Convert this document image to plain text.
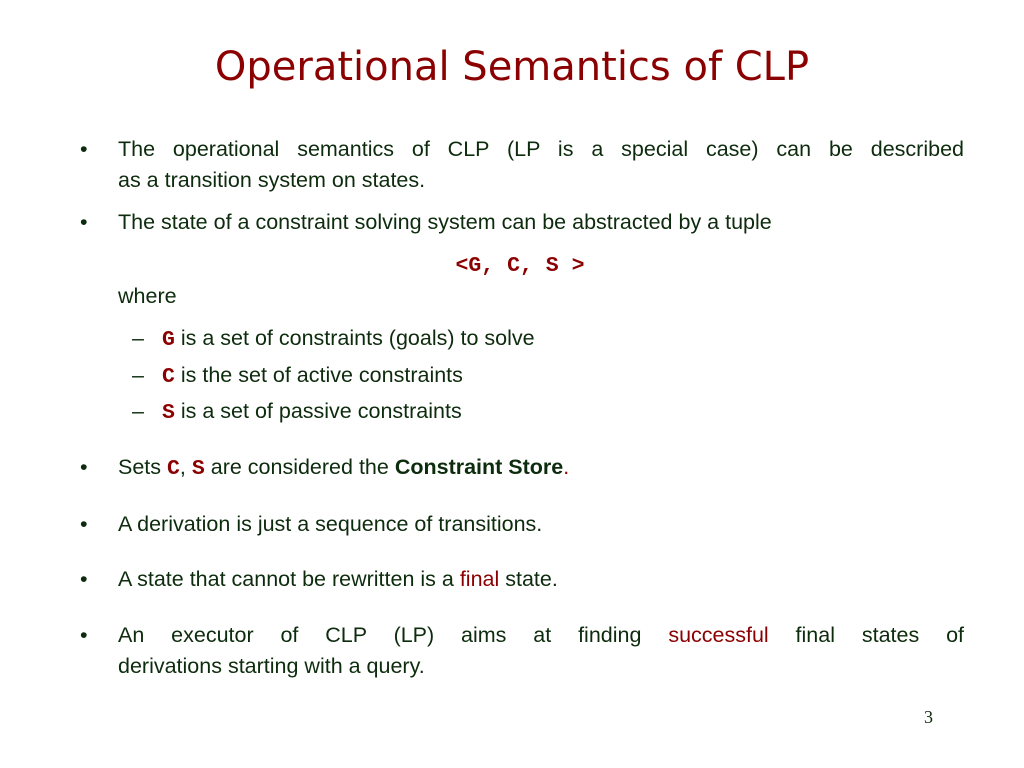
Operational Semantics of CLP
• The operational semantics of CLP (LP is a special case) can be described
as a transition system on states.
• The state of a constraint solving system can be abstracted by a tuple
<G, C, S >
where
– G is a set of constraints (goals) to solve
– C is the set of active constraints
– S is a set of passive constraints
• Sets C, S are considered the Constraint Store.
• A derivation is just a sequence of transitions.
• A state that cannot be rewritten is a final state.
• An executor of CLP (LP) aims at finding successful final states of
derivations starting with a query.
3
